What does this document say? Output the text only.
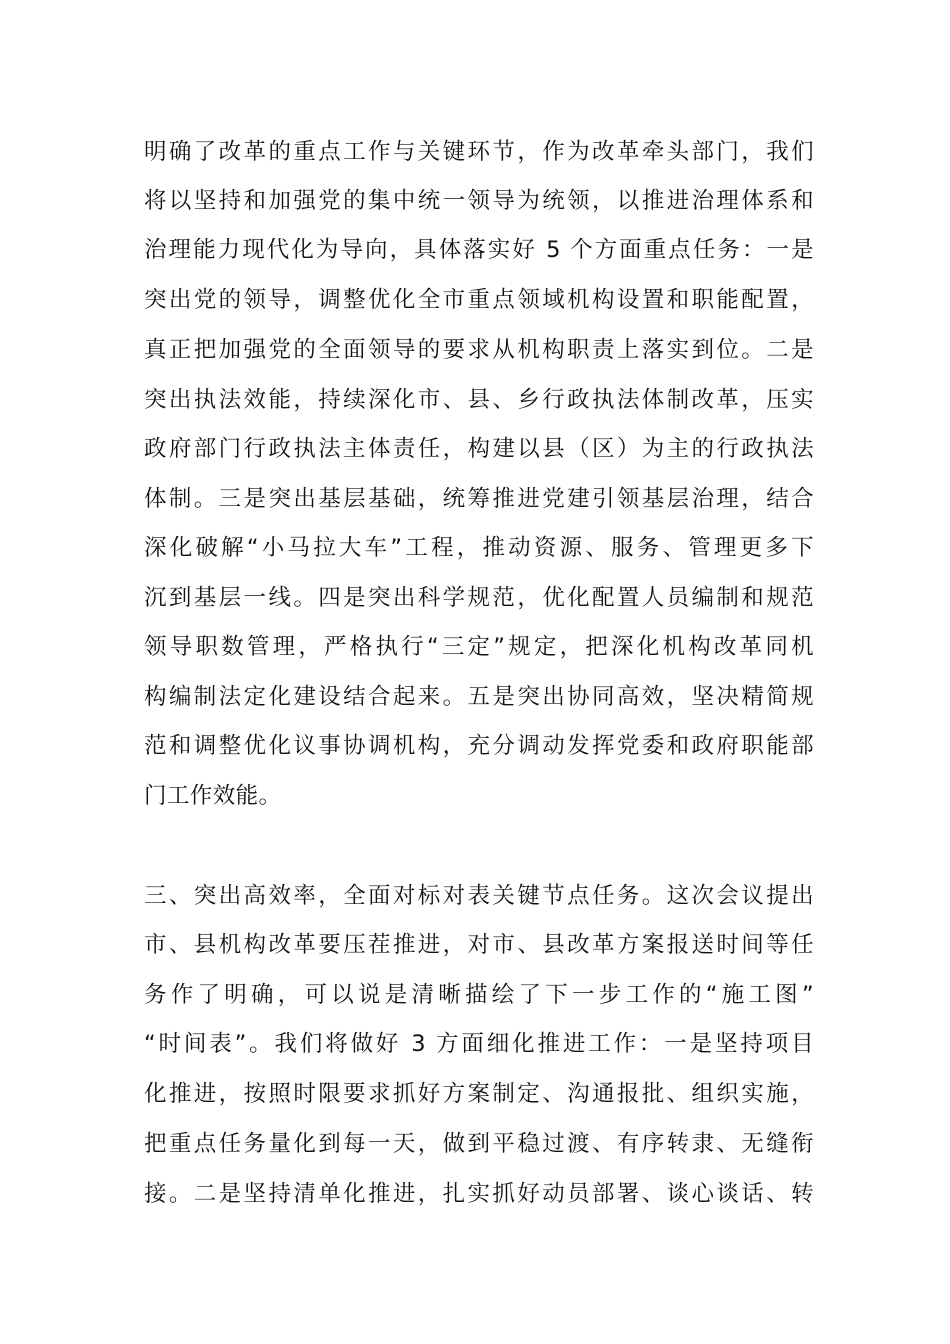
明确了改革的重点工作与关键环节，作为改革牵头部门，我们
将以坚持和加强党的集中统一领导为统领，以推进治理体系和
治理能力现代化为导向，具体落实好 5 个方面重点任务：一是
突出党的领导，调整优化全市重点领域机构设置和职能配置，
真正把加强党的全面领导的要求从机构职责上落实到位。二是
突出执法效能，持续深化市、县、乡行政执法体制改革，压实
政府部门行政执法主体责任，构建以县（区）为主的行政执法
体制。三是突出基层基础，统筹推进党建引领基层治理，结合
深化破解“小马拉大车”工程，推动资源、服务、管理更多下
沉到基层一线。四是突出科学规范，优化配置人员编制和规范
领导职数管理，严格执行“三定”规定，把深化机构改革同机
构编制法定化建设结合起来。五是突出协同高效，坚决精简规
范和调整优化议事协调机构，充分调动发挥党委和政府职能部
门工作效能。
三、突出高效率，全面对标对表关键节点任务。这次会议提出
市、县机构改革要压茬推进，对市、县改革方案报送时间等任
务作了明确，可以说是清晰描绘了下一步工作的“施工图”
“时间表”。我们将做好 3 方面细化推进工作：一是坚持项目
化推进，按照时限要求抓好方案制定、沟通报批、组织实施，
把重点任务量化到每一天，做到平稳过渡、有序转隶、无缝衔
接。二是坚持清单化推进，扎实抓好动员部署、谈心谈话、转
